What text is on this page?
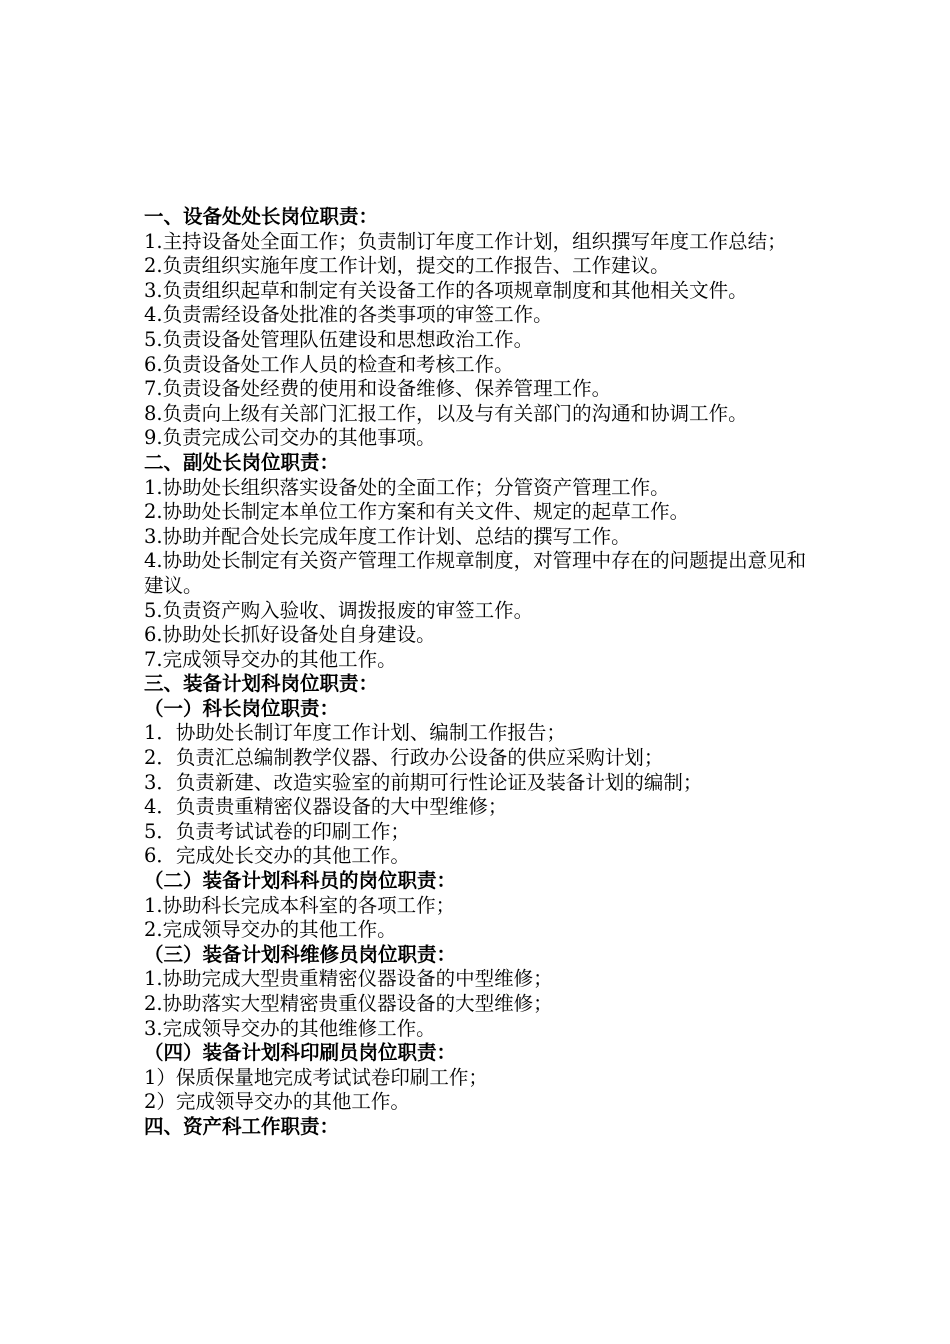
一、设备处处长岗位职责：
1.主持设备处全面工作；负责制订年度工作计划，组织撰写年度工作总结；
2.负责组织实施年度工作计划，提交的工作报告、工作建议。
3.负责组织起草和制定有关设备工作的各项规章制度和其他相关文件。
4.负责需经设备处批准的各类事项的审签工作。
5.负责设备处管理队伍建设和思想政治工作。
6.负责设备处工作人员的检查和考核工作。
7.负责设备处经费的使用和设备维修、保养管理工作。
8.负责向上级有关部门汇报工作，以及与有关部门的沟通和协调工作。
9.负责完成公司交办的其他事项。
二、副处长岗位职责：
1.协助处长组织落实设备处的全面工作；分管资产管理工作。
2.协助处长制定本单位工作方案和有关文件、规定的起草工作。
3.协助并配合处长完成年度工作计划、总结的撰写工作。
4.协助处长制定有关资产管理工作规章制度，对管理中存在的问题提出意见和建议。
5.负责资产购入验收、调拨报废的审签工作。
6.协助处长抓好设备处自身建设。
7.完成领导交办的其他工作。
三、装备计划科岗位职责：
（一）科长岗位职责：
1．协助处长制订年度工作计划、编制工作报告；
2．负责汇总编制教学仪器、行政办公设备的供应采购计划；
3．负责新建、改造实验室的前期可行性论证及装备计划的编制；
4．负责贵重精密仪器设备的大中型维修；
5．负责考试试卷的印刷工作；
6．完成处长交办的其他工作。
（二）装备计划科科员的岗位职责：
1.协助科长完成本科室的各项工作；
2.完成领导交办的其他工作。
（三）装备计划科维修员岗位职责：
1.协助完成大型贵重精密仪器设备的中型维修；
2.协助落实大型精密贵重仪器设备的大型维修；
3.完成领导交办的其他维修工作。
（四）装备计划科印刷员岗位职责：
1）保质保量地完成考试试卷印刷工作；
2）完成领导交办的其他工作。
四、资产科工作职责：
